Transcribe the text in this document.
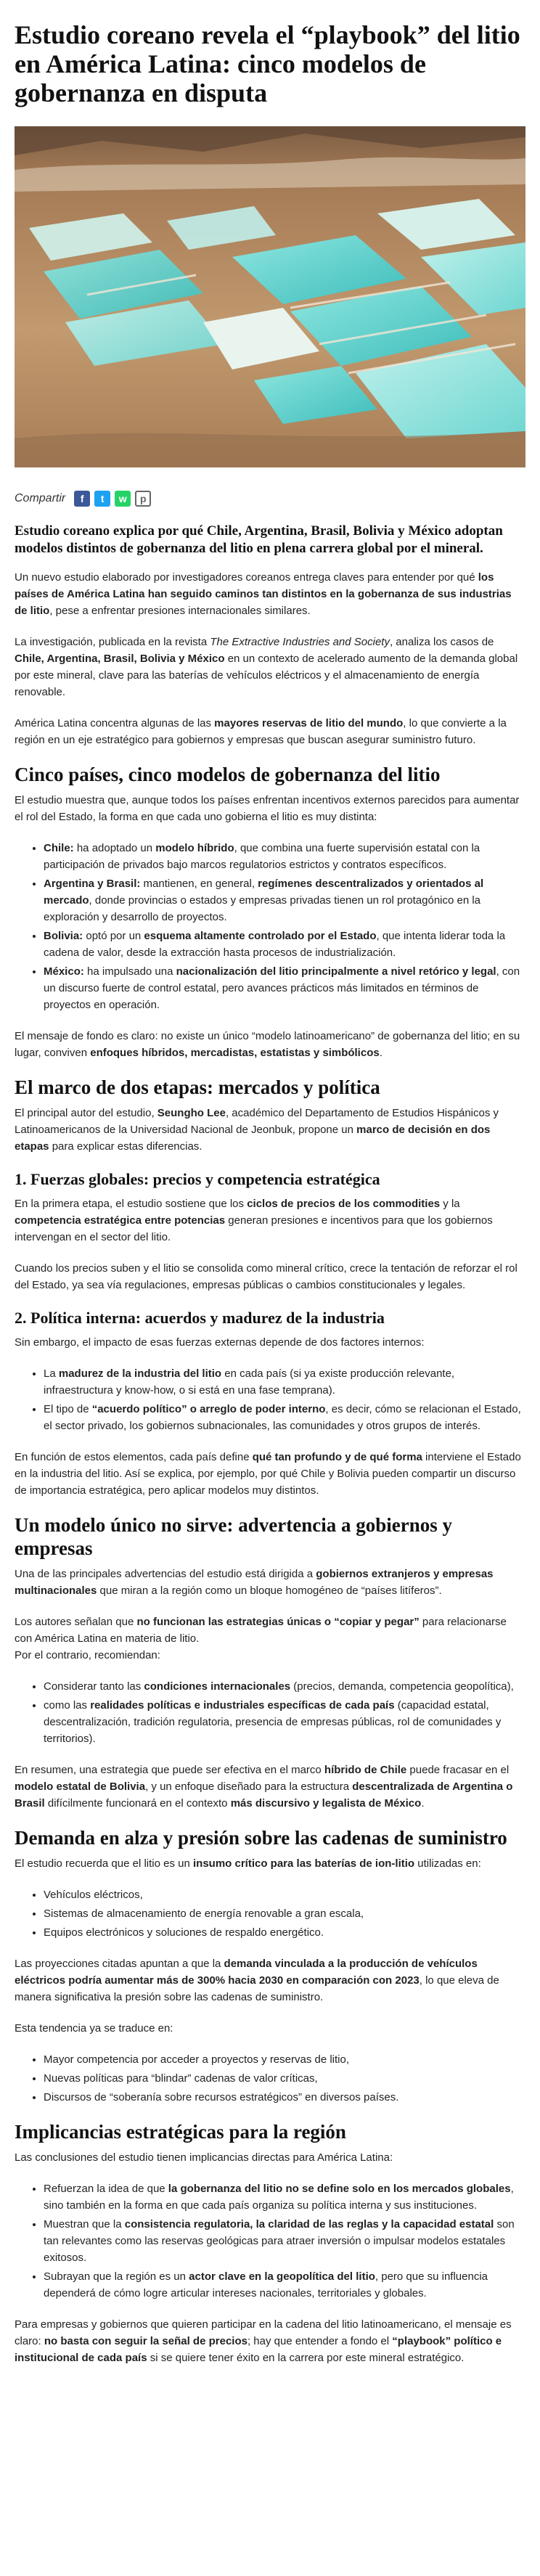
Estudio coreano revela el “playbook” del litio en América Latina: cinco modelos de gobernanza en disputa
Compartir	f	t	w	p

Estudio coreano explica por qué Chile, Argentina, Brasil, Bolivia y México adoptan modelos distintos de gobernanza del litio en plena carrera global por el mineral.

Un nuevo estudio elaborado por investigadores coreanos entrega claves para entender por qué los países de América Latina han seguido caminos tan distintos en la gobernanza de sus industrias de litio, pese a enfrentar presiones internacionales similares.

La investigación, publicada en la revista The Extractive Industries and Society, analiza los casos de Chile, Argentina, Brasil, Bolivia y México en un contexto de acelerado aumento de la demanda global por este mineral, clave para las baterías de vehículos eléctricos y el almacenamiento de energía renovable.

América Latina concentra algunas de las mayores reservas de litio del mundo, lo que convierte a la región en un eje estratégico para gobiernos y empresas que buscan asegurar suministro futuro.

Cinco países, cinco modelos de gobernanza del litio

El estudio muestra que, aunque todos los países enfrentan incentivos externos parecidos para aumentar el rol del Estado, la forma en que cada uno gobierna el litio es muy distinta:

• Chile: ha adoptado un modelo híbrido, que combina una fuerte supervisión estatal con la participación de privados bajo marcos regulatorios estrictos y contratos específicos.
• Argentina y Brasil: mantienen, en general, regímenes descentralizados y orientados al mercado, donde provincias o estados y empresas privadas tienen un rol protagónico en la exploración y desarrollo de proyectos.
• Bolivia: optó por un esquema altamente controlado por el Estado, que intenta liderar toda la cadena de valor, desde la extracción hasta procesos de industrialización.
• México: ha impulsado una nacionalización del litio principalmente a nivel retórico y legal, con un discurso fuerte de control estatal, pero avances prácticos más limitados en términos de proyectos en operación.

El mensaje de fondo es claro: no existe un único “modelo latinoamericano” de gobernanza del litio; en su lugar, conviven enfoques híbridos, mercadistas, estatistas y simbólicos.

El marco de dos etapas: mercados y política

El principal autor del estudio, Seungho Lee, académico del Departamento de Estudios Hispánicos y Latinoamericanos de la Universidad Nacional de Jeonbuk, propone un marco de decisión en dos etapas para explicar estas diferencias.

1. Fuerzas globales: precios y competencia estratégica

En la primera etapa, el estudio sostiene que los ciclos de precios de los commodities y la competencia estratégica entre potencias generan presiones e incentivos para que los gobiernos intervengan en el sector del litio.

Cuando los precios suben y el litio se consolida como mineral crítico, crece la tentación de reforzar el rol del Estado, ya sea vía regulaciones, empresas públicas o cambios constitucionales y legales.

2. Política interna: acuerdos y madurez de la industria

Sin embargo, el impacto de esas fuerzas externas depende de dos factores internos:

• La madurez de la industria del litio en cada país (si ya existe producción relevante, infraestructura y know-how, o si está en una fase temprana).
• El tipo de “acuerdo político” o arreglo de poder interno, es decir, cómo se relacionan el Estado, el sector privado, los gobiernos subnacionales, las comunidades y otros grupos de interés.

En función de estos elementos, cada país define qué tan profundo y de qué forma interviene el Estado en la industria del litio. Así se explica, por ejemplo, por qué Chile y Bolivia pueden compartir un discurso de importancia estratégica, pero aplicar modelos muy distintos.

Un modelo único no sirve: advertencia a gobiernos y empresas

Una de las principales advertencias del estudio está dirigida a gobiernos extranjeros y empresas multinacionales que miran a la región como un bloque homogéneo de “países litíferos”.

Los autores señalan que no funcionan las estrategias únicas o “copiar y pegar” para relacionarse con América Latina en materia de litio.

Por el contrario, recomiendan:

• Considerar tanto las condiciones internacionales (precios, demanda, competencia geopolítica),
• como las realidades políticas e industriales específicas de cada país (capacidad estatal, descentralización, tradición regulatoria, presencia de empresas públicas, rol de comunidades y territorios).

En resumen, una estrategia que puede ser efectiva en el marco híbrido de Chile puede fracasar en el modelo estatal de Bolivia, y un enfoque diseñado para la estructura descentralizada de Argentina o Brasil difícilmente funcionará en el contexto más discursivo y legalista de México.

Demanda en alza y presión sobre las cadenas de suministro

El estudio recuerda que el litio es un insumo crítico para las baterías de ion-litio utilizadas en:

• Vehículos eléctricos,
• Sistemas de almacenamiento de energía renovable a gran escala,
• Equipos electrónicos y soluciones de respaldo energético.

Las proyecciones citadas apuntan a que la demanda vinculada a la producción de vehículos eléctricos podría aumentar más de 300% hacia 2030 en comparación con 2023, lo que eleva de manera significativa la presión sobre las cadenas de suministro.

Esta tendencia ya se traduce en:

• Mayor competencia por acceder a proyectos y reservas de litio,
• Nuevas políticas para “blindar” cadenas de valor críticas,
• Discursos de “soberanía sobre recursos estratégicos” en diversos países.
Implicancias estratégicas para la región

Las conclusiones del estudio tienen implicancias directas para América Latina:

• Refuerzan la idea de que la gobernanza del litio no se define solo en los mercados globales, sino también en la forma en que cada país organiza su política interna y sus instituciones.
• Muestran que la consistencia regulatoria, la claridad de las reglas y la capacidad estatal son tan relevantes como las reservas geológicas para atraer inversión o impulsar modelos estatales exitosos.
• Subrayan que la región es un actor clave en la geopolítica del litio, pero que su influencia dependerá de cómo logre articular intereses nacionales, territoriales y globales.

Para empresas y gobiernos que quieren participar en la cadena del litio latinoamericano, el mensaje es claro: no basta con seguir la señal de precios; hay que entender a fondo el “playbook” político e institucional de cada país si se quiere tener éxito en la carrera por este mineral estratégico.
